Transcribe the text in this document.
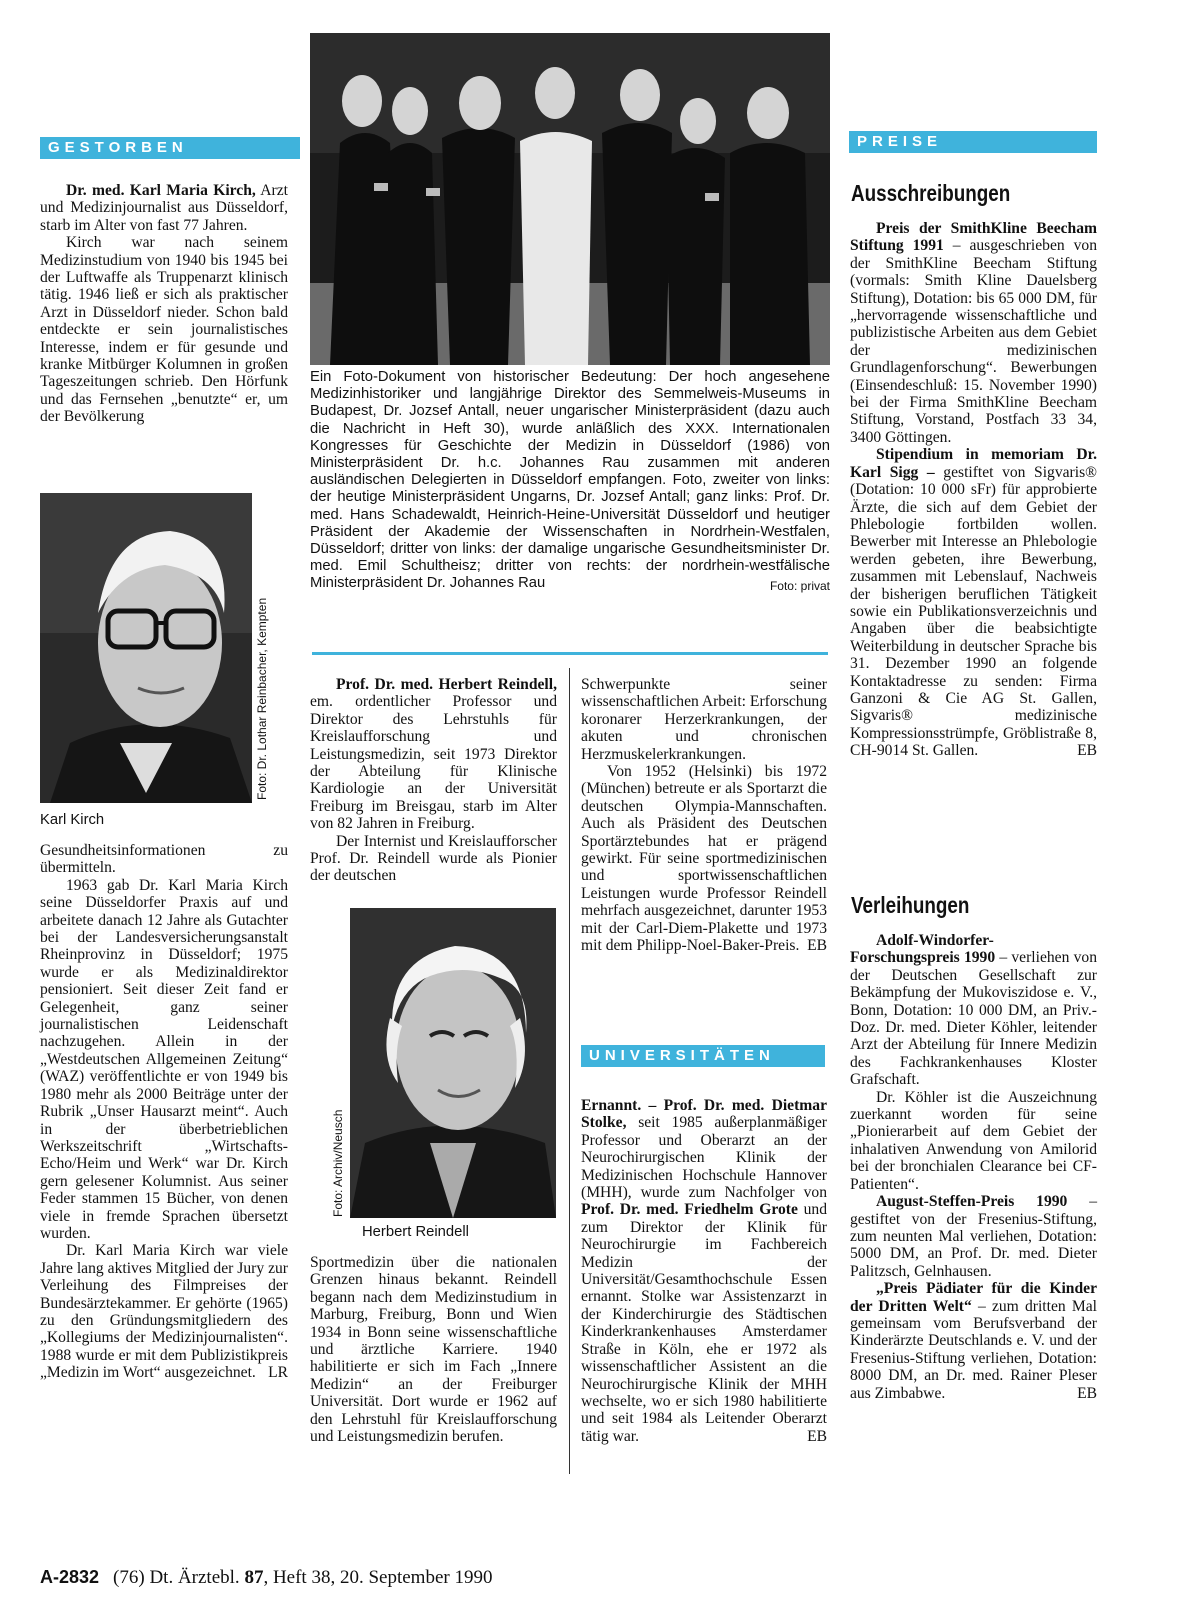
GESTORBEN

Dr. med. Karl Maria Kirch, Arzt und Medizinjournalist aus Düsseldorf, starb im Alter von fast 77 Jahren.

Kirch war nach seinem Medizinstudium von 1940 bis 1945 bei der Luftwaffe als Truppenarzt klinisch tätig. 1946 ließ er sich als praktischer Arzt in Düsseldorf nieder. Schon bald entdeckte er sein journalistisches Interesse, indem er für gesunde und kranke Mitbürger Kolumnen in großen Tageszeitungen schrieb. Den Hörfunk und das Fernsehen „benutzte“ er, um der Bevölkerung

Foto: Dr. Lothar Reinbacher, Kempten
Karl Kirch

Gesundheitsinformationen zu übermitteln.

1963 gab Dr. Karl Maria Kirch seine Düsseldorfer Praxis auf und arbeitete danach 12 Jahre als Gutachter bei der Landesversicherungsanstalt Rheinprovinz in Düsseldorf; 1975 wurde er als Medizinaldirektor pensioniert. Seit dieser Zeit fand er Gelegenheit, ganz seiner journalistischen Leidenschaft nachzugehen. Allein in der „Westdeutschen Allgemeinen Zeitung“ (WAZ) veröffentlichte er von 1949 bis 1980 mehr als 2000 Beiträge unter der Rubrik „Unser Hausarzt meint“. Auch in der überbetrieblichen Werkszeitschrift „Wirtschafts-Echo/Heim und Werk“ war Dr. Kirch gern gelesener Kolumnist. Aus seiner Feder stammen 15 Bücher, von denen viele in fremde Sprachen übersetzt wurden.

Dr. Karl Maria Kirch war viele Jahre lang aktives Mitglied der Jury zur Verleihung des Filmpreises der Bundesärztekammer. Er gehörte (1965) zu den Gründungsmitgliedern des „Kollegiums der Medizinjournalisten“. 1988 wurde er mit dem Publizistikpreis „Medizin im Wort“ ausgezeichnet. LR

Ein Foto-Dokument von historischer Bedeutung: Der hoch angesehene Medizinhistoriker und langjährige Direktor des Semmelweis-Museums in Budapest, Dr. Jozsef Antall, neuer ungarischer Ministerpräsident (dazu auch die Nachricht in Heft 30), wurde anläßlich des XXX. Internationalen Kongresses für Geschichte der Medizin in Düsseldorf (1986) von Ministerpräsident Dr. h.c. Johannes Rau zusammen mit anderen ausländischen Delegierten in Düsseldorf empfangen. Foto, zweiter von links: der heutige Ministerpräsident Ungarns, Dr. Jozsef Antall; ganz links: Prof. Dr. med. Hans Schadewaldt, Heinrich-Heine-Universität Düsseldorf und heutiger Präsident der Akademie der Wissenschaften in Nordrhein-Westfalen, Düsseldorf; dritter von links: der damalige ungarische Gesundheitsminister Dr. med. Emil Schultheisz; dritter von rechts: der nordrhein-westfälische Ministerpräsident Dr. Johannes Rau	Foto: privat

Prof. Dr. med. Herbert Reindell, em. ordentlicher Professor und Direktor des Lehrstuhls für Kreislaufforschung und Leistungsmedizin, seit 1973 Direktor der Abteilung für Klinische Kardiologie an der Universität Freiburg im Breisgau, starb im Alter von 82 Jahren in Freiburg.

Der Internist und Kreislaufforscher Prof. Dr. Reindell wurde als Pionier der deutschen

Foto: Archiv/Neusch
Herbert Reindell

Sportmedizin über die nationalen Grenzen hinaus bekannt. Reindell begann nach dem Medizinstudium in Marburg, Freiburg, Bonn und Wien 1934 in Bonn seine wissenschaftliche und ärztliche Karriere. 1940 habilitierte er sich im Fach „Innere Medizin“ an der Freiburger Universität. Dort wurde er 1962 auf den Lehrstuhl für Kreislaufforschung und Leistungsmedizin berufen.

Schwerpunkte seiner wissenschaftlichen Arbeit: Erforschung koronarer Herzerkrankungen, der akuten und chronischen Herzmuskelerkrankungen.

Von 1952 (Helsinki) bis 1972 (München) betreute er als Sportarzt die deutschen Olympia-Mannschaften. Auch als Präsident des Deutschen Sportärztebundes hat er prägend gewirkt. Für seine sportmedizinischen und sportwissenschaftlichen Leistungen wurde Professor Reindell mehrfach ausgezeichnet, darunter 1953 mit der Carl-Diem-Plakette und 1973 mit dem Philipp-Noel-Baker-Preis. EB

UNIVERSITÄTEN

Ernannt. – Prof. Dr. med. Dietmar Stolke, seit 1985 außerplanmäßiger Professor und Oberarzt an der Neurochirurgischen Klinik der Medizinischen Hochschule Hannover (MHH), wurde zum Nachfolger von Prof. Dr. med. Friedhelm Grote und zum Direktor der Klinik für Neurochirurgie im Fachbereich Medizin der Universität/Gesamthochschule Essen ernannt. Stolke war Assistenzarzt in der Kinderchirurgie des Städtischen Kinderkrankenhauses Amsterdamer Straße in Köln, ehe er 1972 als wissenschaftlicher Assistent an die Neurochirurgische Klinik der MHH wechselte, wo er sich 1980 habilitierte und seit 1984 als Leitender Oberarzt tätig war.	EB

PREISE
Ausschreibungen

Preis der SmithKline Beecham Stiftung 1991 – ausgeschrieben von der SmithKline Beecham Stiftung (vormals: Smith Kline Dauelsberg Stiftung), Dotation: bis 65 000 DM, für „hervorragende wissenschaftliche und publizistische Arbeiten aus dem Gebiet der medizinischen Grundlagenforschung“. Bewerbungen (Einsendeschluß: 15. November 1990) bei der Firma SmithKline Beecham Stiftung, Vorstand, Postfach 33 34, 3400 Göttingen.

Stipendium in memoriam Dr. Karl Sigg – gestiftet von Sigvaris® (Dotation: 10 000 sFr) für approbierte Ärzte, die sich auf dem Gebiet der Phlebologie fortbilden wollen. Bewerber mit Interesse an Phlebologie werden gebeten, ihre Bewerbung, zusammen mit Lebenslauf, Nachweis der bisherigen beruflichen Tätigkeit sowie ein Publikationsverzeichnis und Angaben über die beabsichtigte Weiterbildung in deutscher Sprache bis 31. Dezember 1990 an folgende Kontaktadresse zu senden: Firma Ganzoni & Cie AG St. Gallen, Sigvaris® medizinische Kompressionsstrümpfe, Gröblistraße 8, CH-9014 St. Gallen.	EB

Verleihungen

Adolf-Windorfer-Forschungspreis 1990 – verliehen von der Deutschen Gesellschaft zur Bekämpfung der Mukoviszidose e. V., Bonn, Dotation: 10 000 DM, an Priv.-Doz. Dr. med. Dieter Köhler, leitender Arzt der Abteilung für Innere Medizin des Fachkrankenhauses Kloster Grafschaft.

Dr. Köhler ist die Auszeichnung zuerkannt worden für seine „Pionierarbeit auf dem Gebiet der inhalativen Anwendung von Amilorid bei der bronchialen Clearance bei CF-Patienten“.

August-Steffen-Preis 1990 – gestiftet von der Fresenius-Stiftung, zum neunten Mal verliehen, Dotation: 5000 DM, an Prof. Dr. med. Dieter Palitzsch, Gelnhausen.

„Preis Pädiater für die Kinder der Dritten Welt“ – zum dritten Mal gemeinsam vom Berufsverband der Kinderärzte Deutschlands e. V. und der Fresenius-Stiftung verliehen, Dotation: 8000 DM, an Dr. med. Rainer Pleser aus Zimbabwe.	EB

A-2832 (76) Dt. Ärztebl. 87, Heft 38, 20. September 1990
